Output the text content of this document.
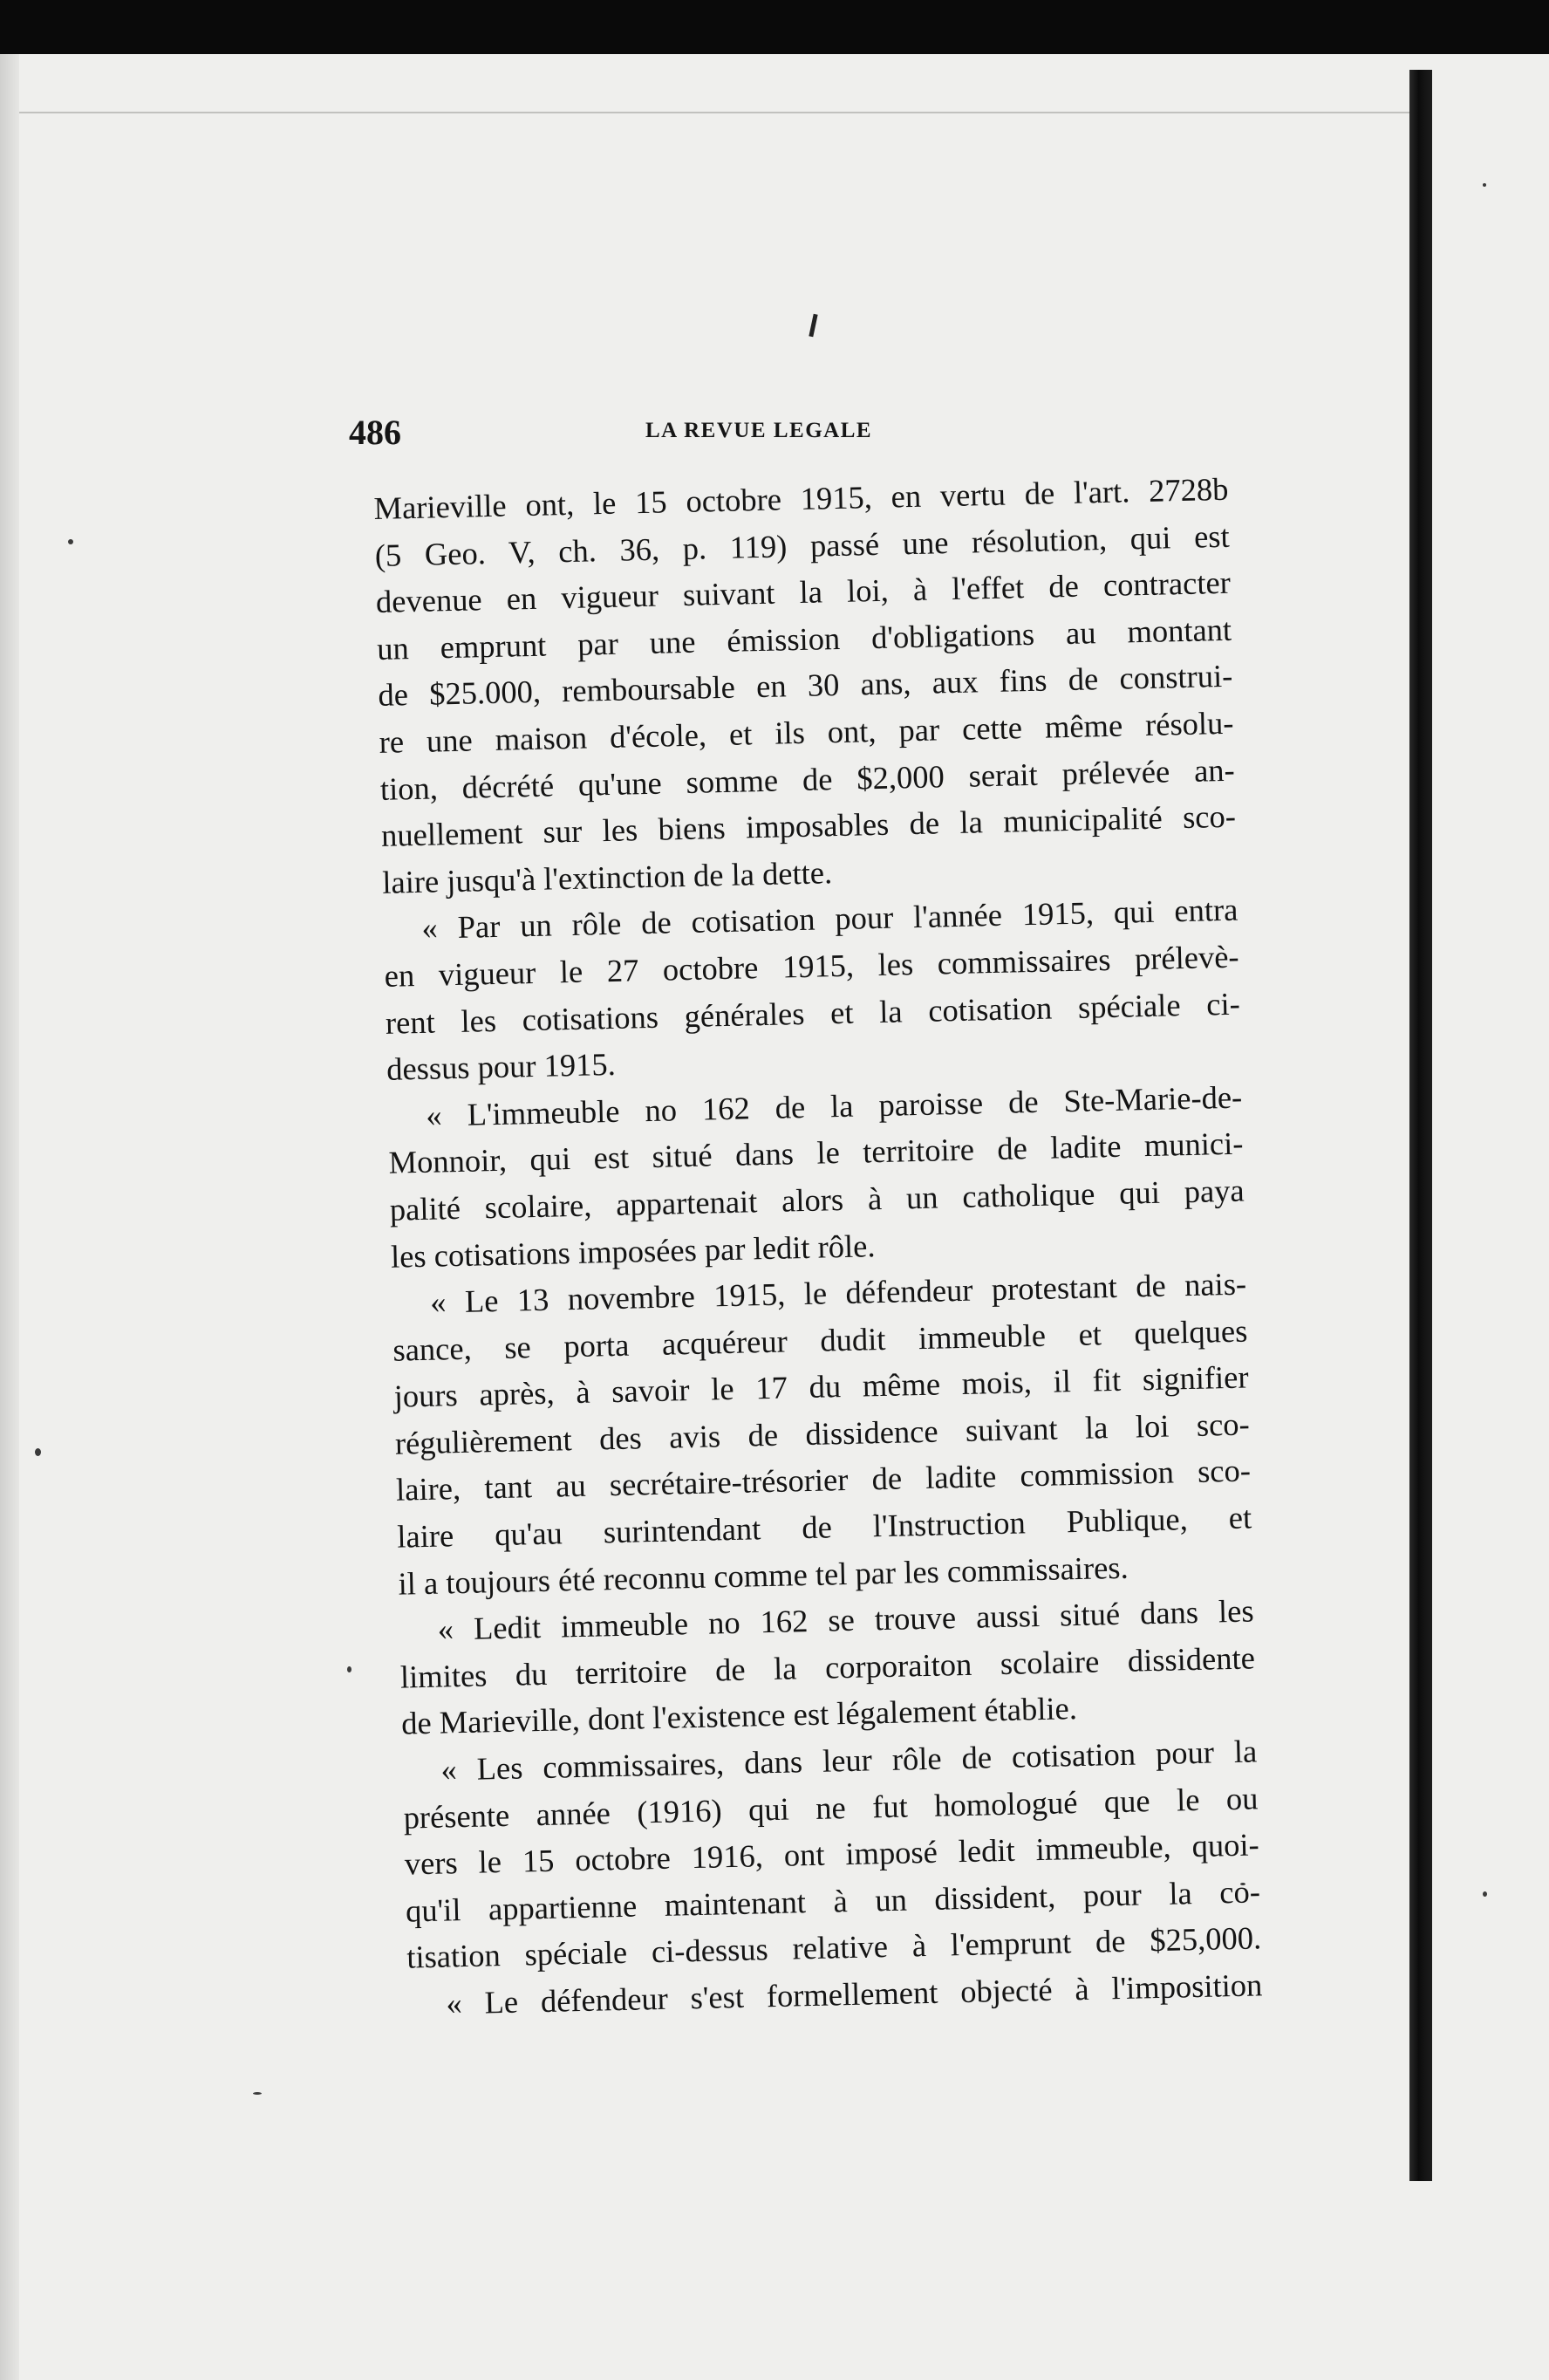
486	LA REVUE LEGALE
Marieville ont, le 15 octobre 1915, en vertu de l'art. 2728b
(5 Geo. V, ch. 36, p. 119) passé une résolution, qui est
devenue en vigueur suivant la loi, à l'effet de contracter
un emprunt par une émission d'obligations au montant
de $25.000, remboursable en 30 ans, aux fins de construi-
re une maison d'école, et ils ont, par cette même résolu-
tion, décrété qu'une somme de $2,000 serait prélevée an-
nuellement sur les biens imposables de la municipalité sco-
laire jusqu'à l'extinction de la dette.
« Par un rôle de cotisation pour l'année 1915, qui entra
en vigueur le 27 octobre 1915, les commissaires prélevè-
rent les cotisations générales et la cotisation spéciale ci-
dessus pour 1915.
« L'immeuble no 162 de la paroisse de Ste-Marie-de-
Monnoir, qui est situé dans le territoire de ladite munici-
palité scolaire, appartenait alors à un catholique qui paya
les cotisations imposées par ledit rôle.
« Le 13 novembre 1915, le défendeur protestant de nais-
sance, se porta acquéreur dudit immeuble et quelques
jours après, à savoir le 17 du même mois, il fit signifier
régulièrement des avis de dissidence suivant la loi sco-
laire, tant au secrétaire-trésorier de ladite commission sco-
laire qu'au surintendant de l'Instruction Publique, et
il a toujours été reconnu comme tel par les commissaires.
« Ledit immeuble no 162 se trouve aussi situé dans les
limites du territoire de la corporaiton scolaire dissidente
de Marieville, dont l'existence est légalement établie.
« Les commissaires, dans leur rôle de cotisation pour la
présente année (1916) qui ne fut homologué que le ou
vers le 15 octobre 1916, ont imposé ledit immeuble, quoi-
qu'il appartienne maintenant à un dissident, pour la co-
tisation spéciale ci-dessus relative à l'emprunt de $25,000.
« Le défendeur s'est formellement objecté à l'imposition
